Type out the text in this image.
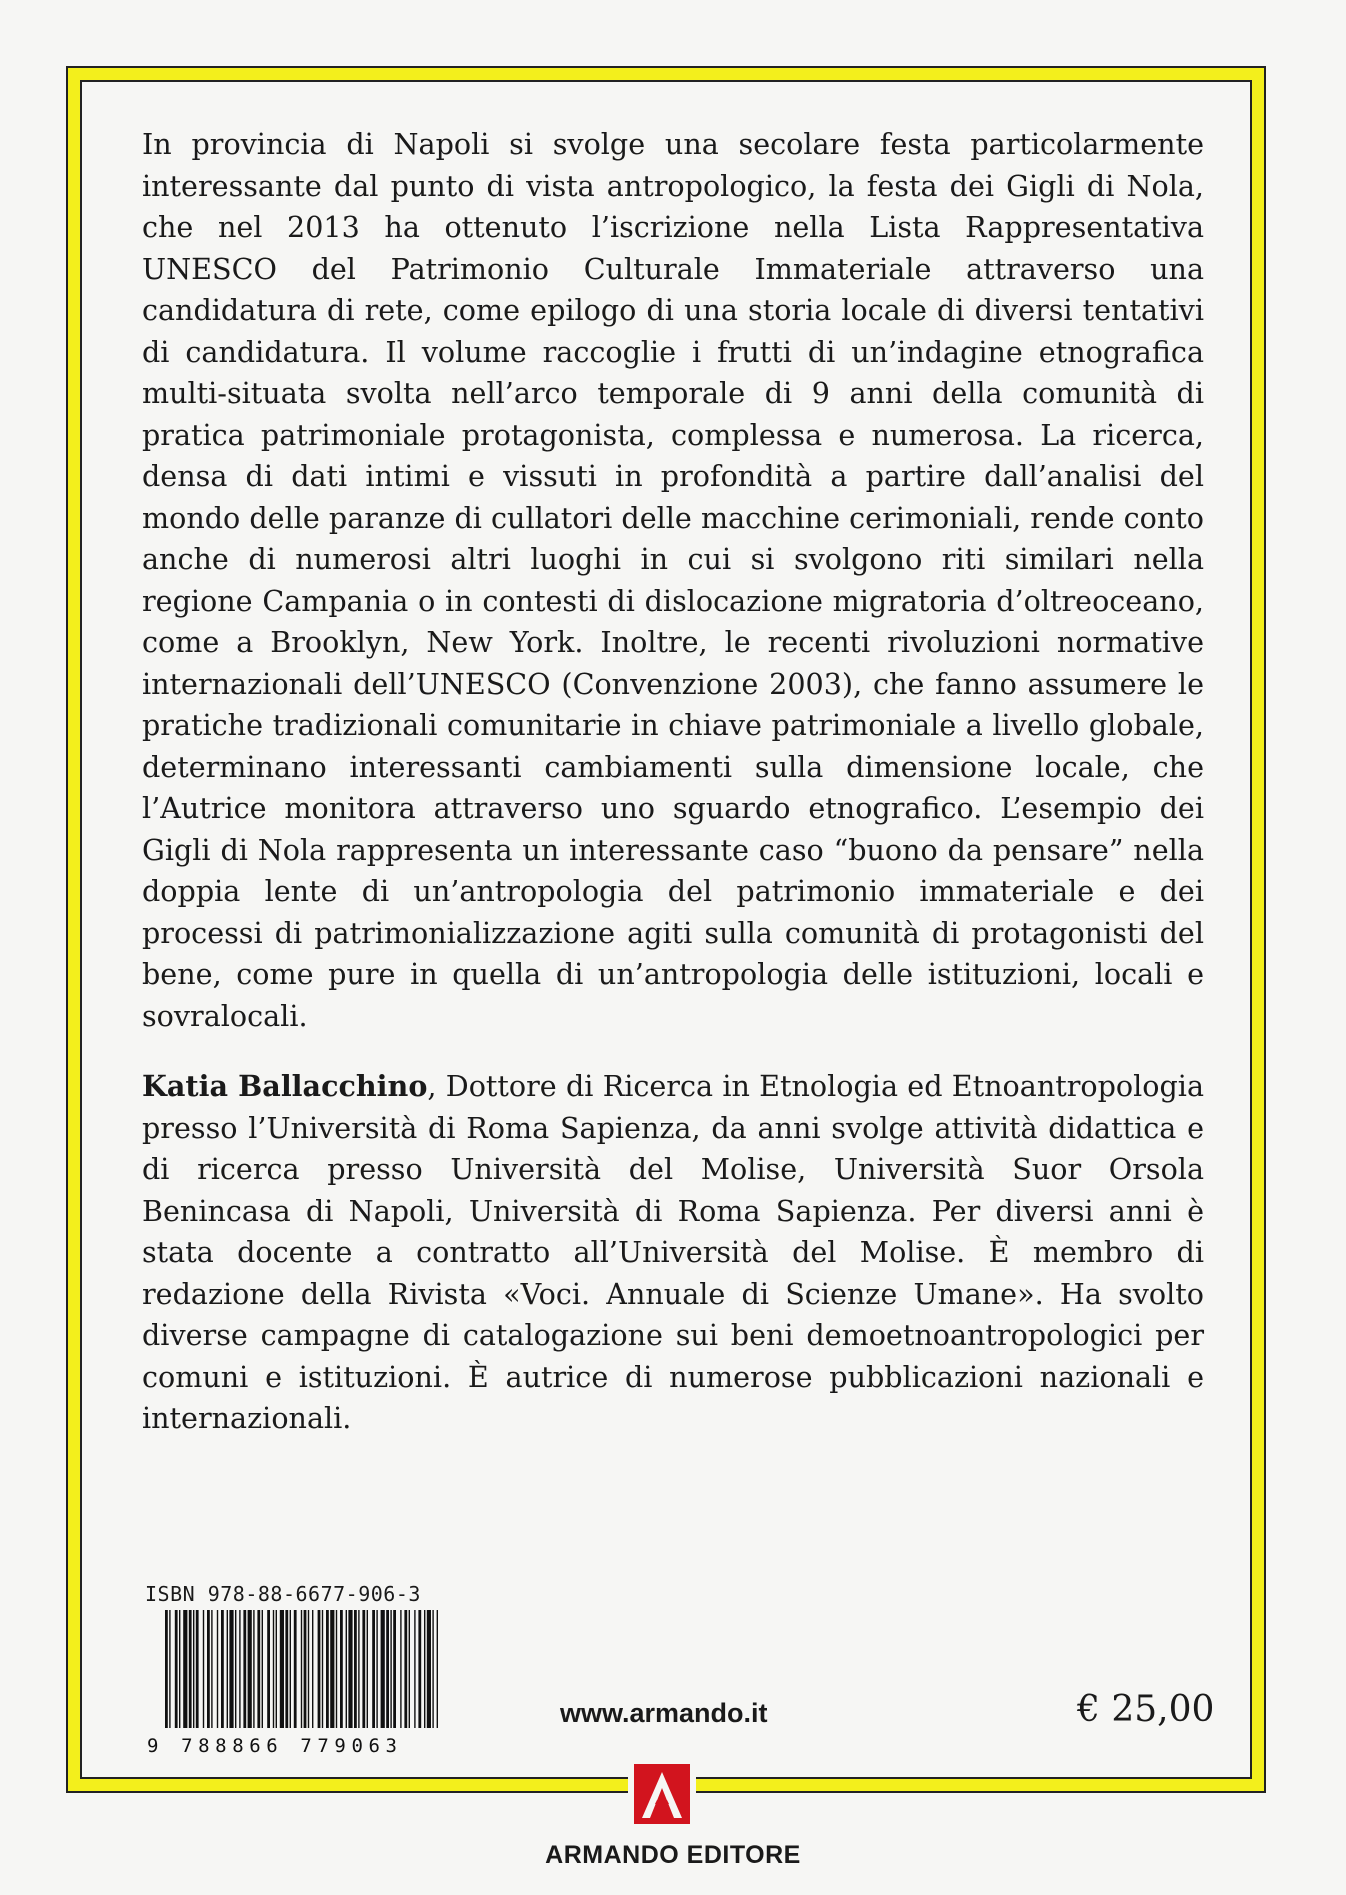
In provincia di Napoli si svolge una secolare festa particolarmente interessante dal punto di vista antropologico, la festa dei Gigli di Nola, che nel 2013 ha ottenuto l’iscrizione nella Lista Rappresentativa UNESCO del Patrimonio Culturale Immateriale attraverso una candidatura di rete, come epilogo di una storia locale di diversi tentativi di candidatura. Il volume raccoglie i frutti di un’indagine etnografica multi-situata svolta nell’arco temporale di 9 anni della comunità di pratica patrimoniale protagonista, complessa e numerosa. La ricerca, densa di dati intimi e vissuti in profondità a partire dall’analisi del mondo delle paranze di cullatori delle macchine cerimoniali, rende conto anche di numerosi altri luoghi in cui si svolgono riti similari nella regione Campania o in contesti di dislocazione migratoria d’oltreoceano, come a Brooklyn, New York. Inoltre, le recenti rivoluzioni normative internazionali dell’UNESCO (Convenzione 2003), che fanno assumere le pratiche tradizionali comunitarie in chiave patrimoniale a livello globale, determinano interessanti cambiamenti sulla dimensione locale, che l’Autrice monitora attraverso uno sguardo etnografico. L’esempio dei Gigli di Nola rappresenta un interessante caso “buono da pensare” nella doppia lente di un’antropologia del patrimonio immateriale e dei processi di patrimonializzazione agiti sulla comunità di protagonisti del bene, come pure in quella di un’antropologia delle istituzioni, locali e sovralocali.

Katia Ballacchino, Dottore di Ricerca in Etnologia ed Etnoantropologia presso l’Università di Roma Sapienza, da anni svolge attività didattica e di ricerca presso Università del Molise, Università Suor Orsola Benincasa di Napoli, Università di Roma Sapienza. Per diversi anni è stata docente a contratto all’Università del Molise. È membro di redazione della Rivista «Voci. Annuale di Scienze Umane». Ha svolto diverse campagne di catalogazione sui beni demoetnoantropologici per comuni e istituzioni. È autrice di numerose pubblicazioni nazionali e internazionali.

ISBN 978-88-6677-906-3
9 788866 779063
www.armando.it	€ 25,00
ARMANDO EDITORE
